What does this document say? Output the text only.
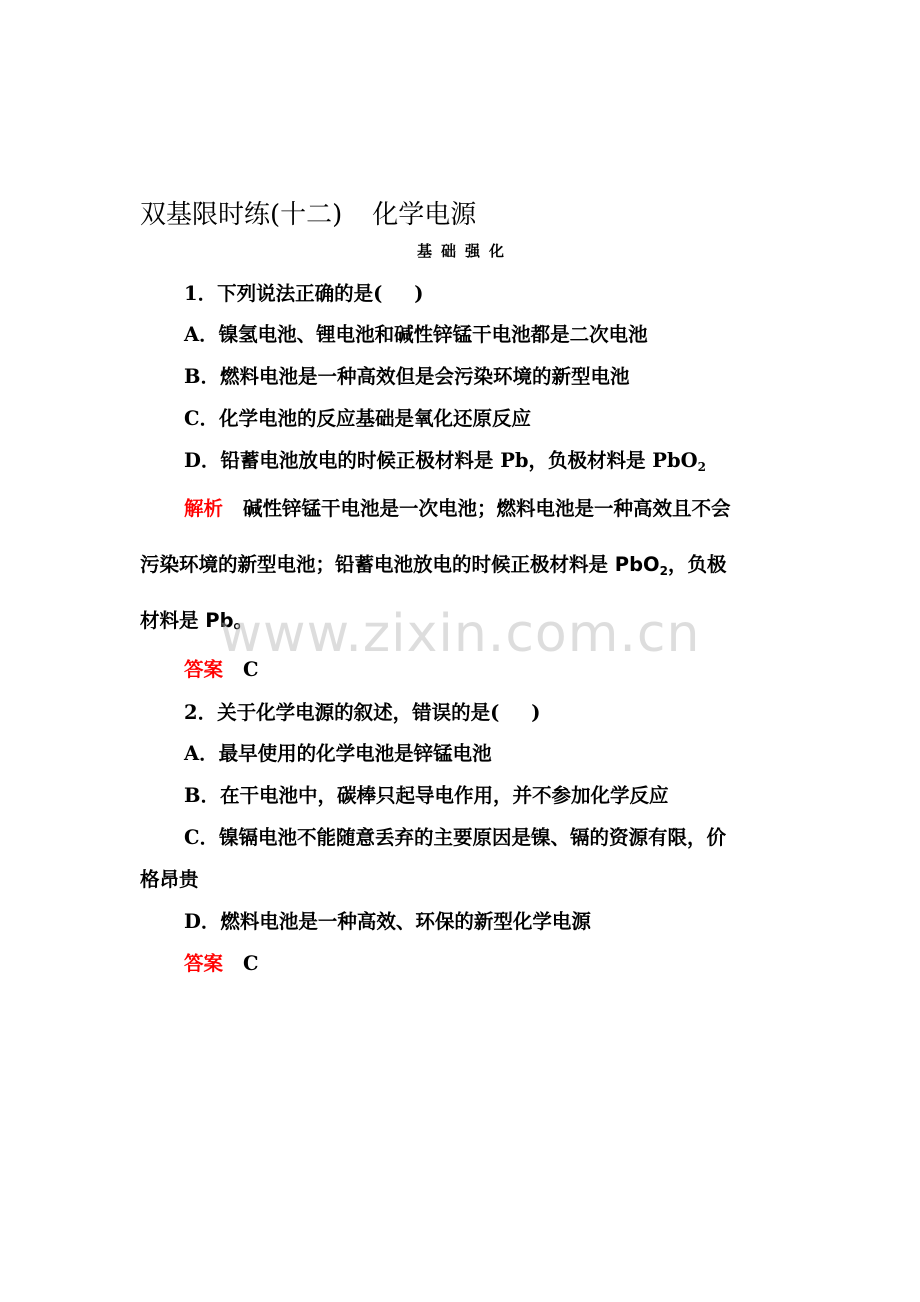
双基限时练(十二) 化学电源
基础强化
1．下列说法正确的是( )
A．镍氢电池、锂电池和碱性锌锰干电池都是二次电池
B．燃料电池是一种高效但是会污染环境的新型电池
C．化学电池的反应基础是氧化还原反应
D．铅蓄电池放电的时候正极材料是 Pb，负极材料是 PbO$_2$
解析 碱性锌锰干电池是一次电池；燃料电池是一种高效且不会
污染环境的新型电池；铅蓄电池放电的时候正极材料是 PbO$_2$，负极
材料是 Pb。
答案 C
2．关于化学电源的叙述，错误的是( )
A．最早使用的化学电池是锌锰电池
B．在干电池中，碳棒只起导电作用，并不参加化学反应
C．镍镉电池不能随意丢弃的主要原因是镍、镉的资源有限，价
格昂贵
D．燃料电池是一种高效、环保的新型化学电源
答案 C
www.zixin.com.cn
